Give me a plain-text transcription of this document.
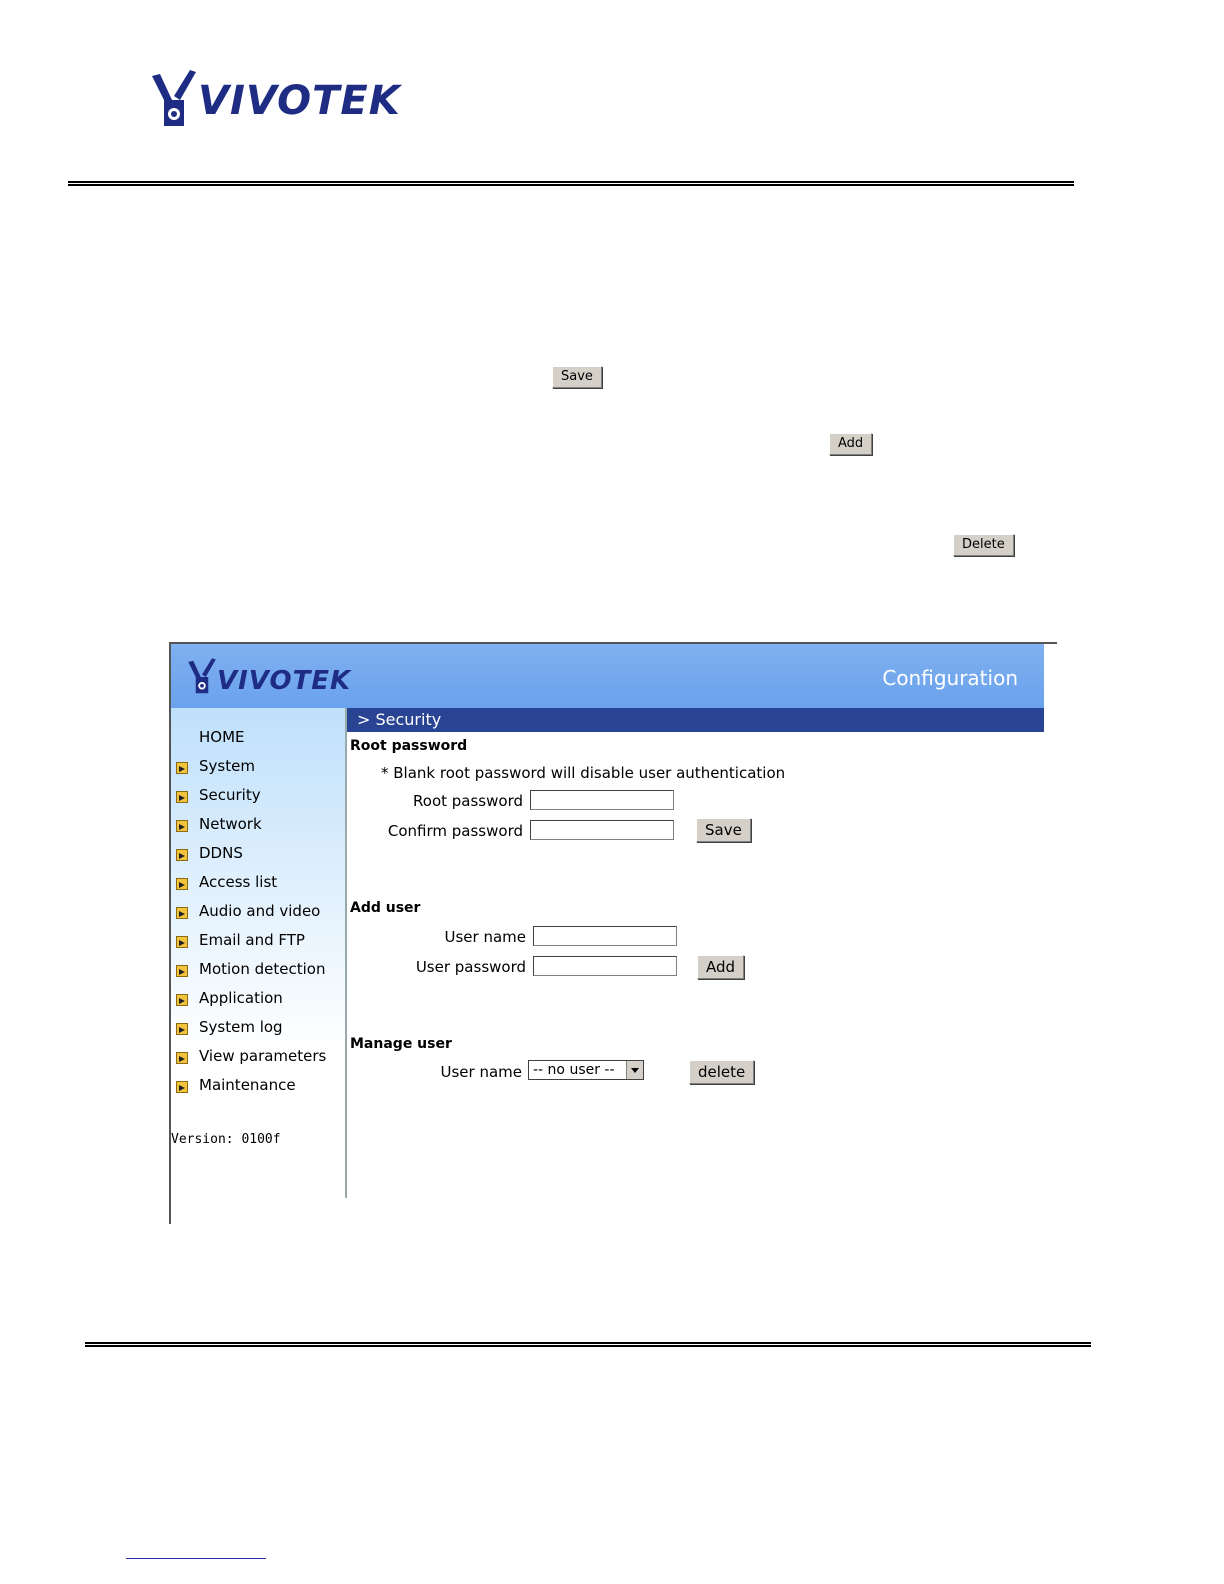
VIVOTEK
Save
Add
Delete
VIVOTEK	Configuration
HOME
System
Security
Network
DDNS
Access list
Audio and video
Email and FTP
Motion detection
Application
System log
View parameters
Maintenance
Version: 0100f
> Security
Root password
* Blank root password will disable user authentication
Root password
Confirm password	Save
Add user
User name
User password	Add
Manage user
User name -- no user --	delete
